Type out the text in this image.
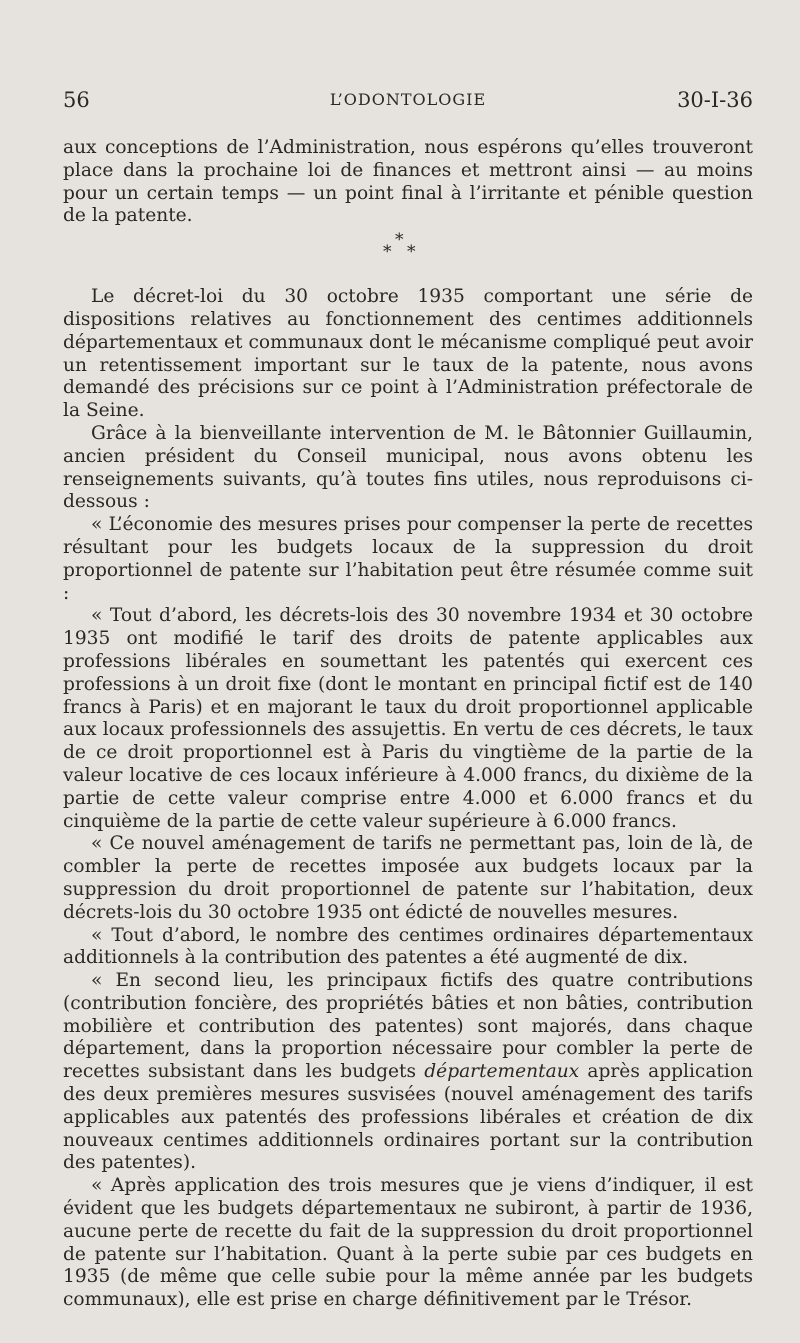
56	L’ODONTOLOGIE	30-I-36

aux conceptions de l’Administration, nous espérons qu’elles trouveront place dans la prochaine loi de finances et mettront ainsi — au moins pour un certain temps — un point final à l’irritante et pénible question de la patente.

*
* *

Le décret-loi du 30 octobre 1935 comportant une série de dispositions relatives au fonctionnement des centimes additionnels départementaux et communaux dont le mécanisme compliqué peut avoir un retentissement important sur le taux de la patente, nous avons demandé des précisions sur ce point à l’Administration préfectorale de la Seine.

Grâce à la bienveillante intervention de M. le Bâtonnier Guillaumin, ancien président du Conseil municipal, nous avons obtenu les renseignements suivants, qu’à toutes fins utiles, nous reproduisons ci-dessous :

« L’économie des mesures prises pour compenser la perte de recettes résultant pour les budgets locaux de la suppression du droit proportionnel de patente sur l’habitation peut être résumée comme suit :

« Tout d’abord, les décrets-lois des 30 novembre 1934 et 30 octobre 1935 ont modifié le tarif des droits de patente applicables aux professions libérales en soumettant les patentés qui exercent ces professions à un droit fixe (dont le montant en principal fictif est de 140 francs à Paris) et en majorant le taux du droit proportionnel applicable aux locaux professionnels des assujettis. En vertu de ces décrets, le taux de ce droit proportionnel est à Paris du vingtième de la partie de la valeur locative de ces locaux inférieure à 4.000 francs, du dixième de la partie de cette valeur comprise entre 4.000 et 6.000 francs et du cinquième de la partie de cette valeur supérieure à 6.000 francs.

« Ce nouvel aménagement de tarifs ne permettant pas, loin de là, de combler la perte de recettes imposée aux budgets locaux par la suppression du droit proportionnel de patente sur l’habitation, deux décrets-lois du 30 octobre 1935 ont édicté de nouvelles mesures.

« Tout d’abord, le nombre des centimes ordinaires départementaux additionnels à la contribution des patentes a été augmenté de dix.

« En second lieu, les principaux fictifs des quatre contributions (contribution foncière, des propriétés bâties et non bâties, contribution mobilière et contribution des patentes) sont majorés, dans chaque département, dans la proportion nécessaire pour combler la perte de recettes subsistant dans les budgets départementaux après application des deux premières mesures susvisées (nouvel aménagement des tarifs applicables aux patentés des professions libérales et création de dix nouveaux centimes additionnels ordinaires portant sur la contribution des patentes).

« Après application des trois mesures que je viens d’indiquer, il est évident que les budgets départementaux ne subiront, à partir de 1936, aucune perte de recette du fait de la suppression du droit proportionnel de patente sur l’habitation. Quant à la perte subie par ces budgets en 1935 (de même que celle subie pour la même année par les budgets communaux), elle est prise en charge définitivement par le Trésor.
